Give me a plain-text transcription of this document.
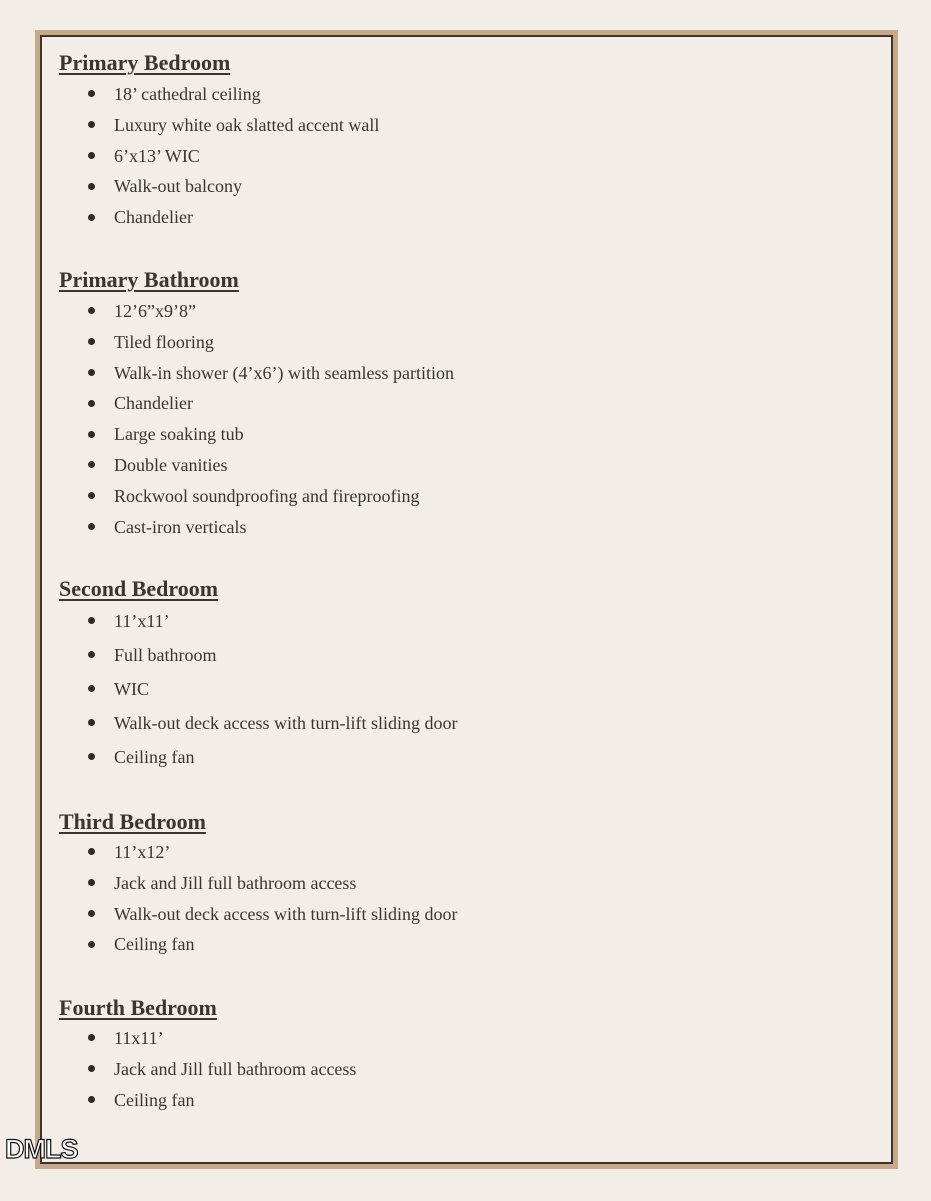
Primary Bedroom
18’ cathedral ceiling
Luxury white oak slatted accent wall
6’x13’ WIC
Walk-out balcony
Chandelier
Primary Bathroom
12’6”x9’8”
Tiled flooring
Walk-in shower (4’x6’) with seamless partition
Chandelier
Large soaking tub
Double vanities
Rockwool soundproofing and fireproofing
Cast-iron verticals
Second Bedroom
11’x11’
Full bathroom
WIC
Walk-out deck access with turn-lift sliding door
Ceiling fan
Third Bedroom
11’x12’
Jack and Jill full bathroom access
Walk-out deck access with turn-lift sliding door
Ceiling fan
Fourth Bedroom
11x11’
Jack and Jill full bathroom access
Ceiling fan
DMLS
